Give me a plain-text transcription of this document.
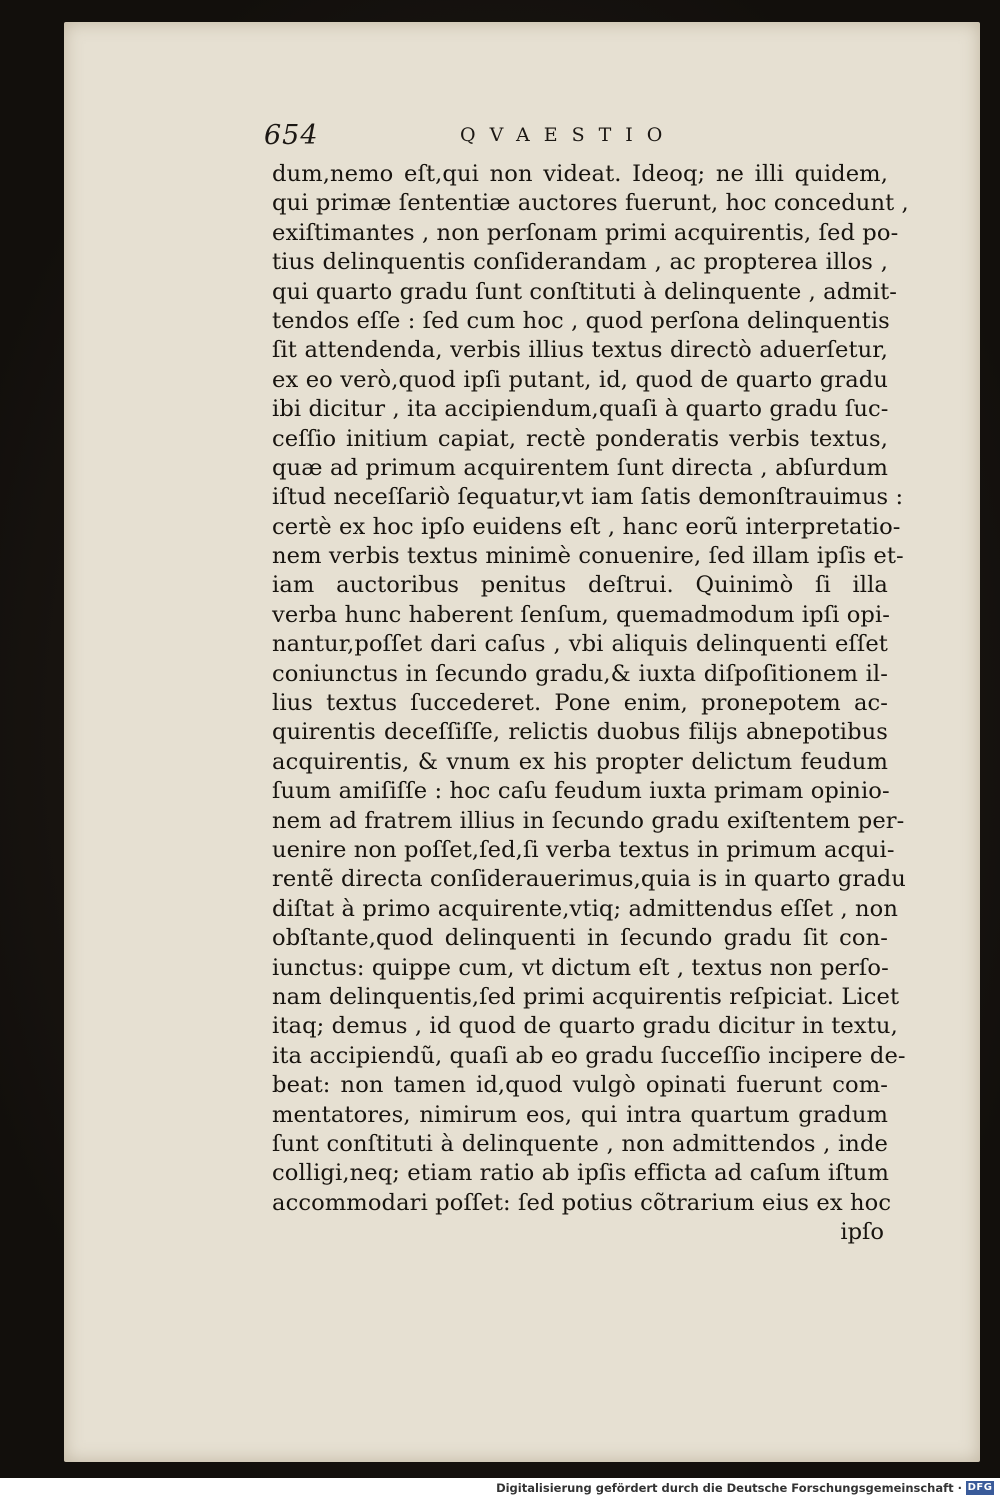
654	QVAESTIO
dum,nemo eſt,qui non videat. Ideoq; ne illi quidem,
qui primæ ſententiæ auctores fuerunt, hoc concedunt ,
exiſtimantes , non perſonam primi acquirentis, ſed po-
tius delinquentis conſiderandam , ac propterea illos ,
qui quarto gradu ſunt conſtituti à delinquente , admit-
tendos eſſe : ſed cum hoc , quod perſona delinquentis
ſit attendenda, verbis illius textus directò aduerſetur,
ex eo verò,quod ipſi putant, id, quod de quarto gradu
ibi dicitur , ita accipiendum,quaſi à quarto gradu ſuc-
ceſſio initium capiat, rectè ponderatis verbis textus,
quæ ad primum acquirentem ſunt directa , abſurdum
iſtud neceſſariò ſequatur,vt iam ſatis demonſtrauimus :
certè ex hoc ipſo euidens eſt , hanc eorũ interpretatio-
nem verbis textus minimè conuenire, ſed illam ipſis et-
iam auctoribus penitus deſtrui. Quinimò ſi illa
verba hunc haberent ſenſum, quemadmodum ipſi opi-
nantur,poſſet dari caſus , vbi aliquis delinquenti eſſet
coniunctus in ſecundo gradu,& iuxta diſpoſitionem il-
lius textus ſuccederet. Pone enim, pronepotem ac-
quirentis deceſſiſſe, relictis duobus filijs abnepotibus
acquirentis, & vnum ex his propter delictum feudum
ſuum amiſiſſe : hoc caſu feudum iuxta primam opinio-
nem ad fratrem illius in ſecundo gradu exiſtentem per-
uenire non poſſet,ſed,ſi verba textus in primum acqui-
rentẽ directa conſiderauerimus,quia is in quarto gradu
diſtat à primo acquirente,vtiq; admittendus eſſet , non
obſtante,quod delinquenti in ſecundo gradu ſit con-
iunctus: quippe cum, vt dictum eſt , textus non perſo-
nam delinquentis,ſed primi acquirentis reſpiciat. Licet
itaq; demus , id quod de quarto gradu dicitur in textu,
ita accipiendũ, quaſi ab eo gradu ſucceſſio incipere de-
beat: non tamen id,quod vulgò opinati fuerunt com-
mentatores, nimirum eos, qui intra quartum gradum
ſunt conſtituti à delinquente , non admittendos , inde
colligi,neq; etiam ratio ab ipſis efficta ad caſum iſtum
accommodari poſſet: ſed potius cõtrarium eius ex hoc
ipſo
Digitalisierung gefördert durch die Deutsche Forschungsgemeinschaft · DFG
